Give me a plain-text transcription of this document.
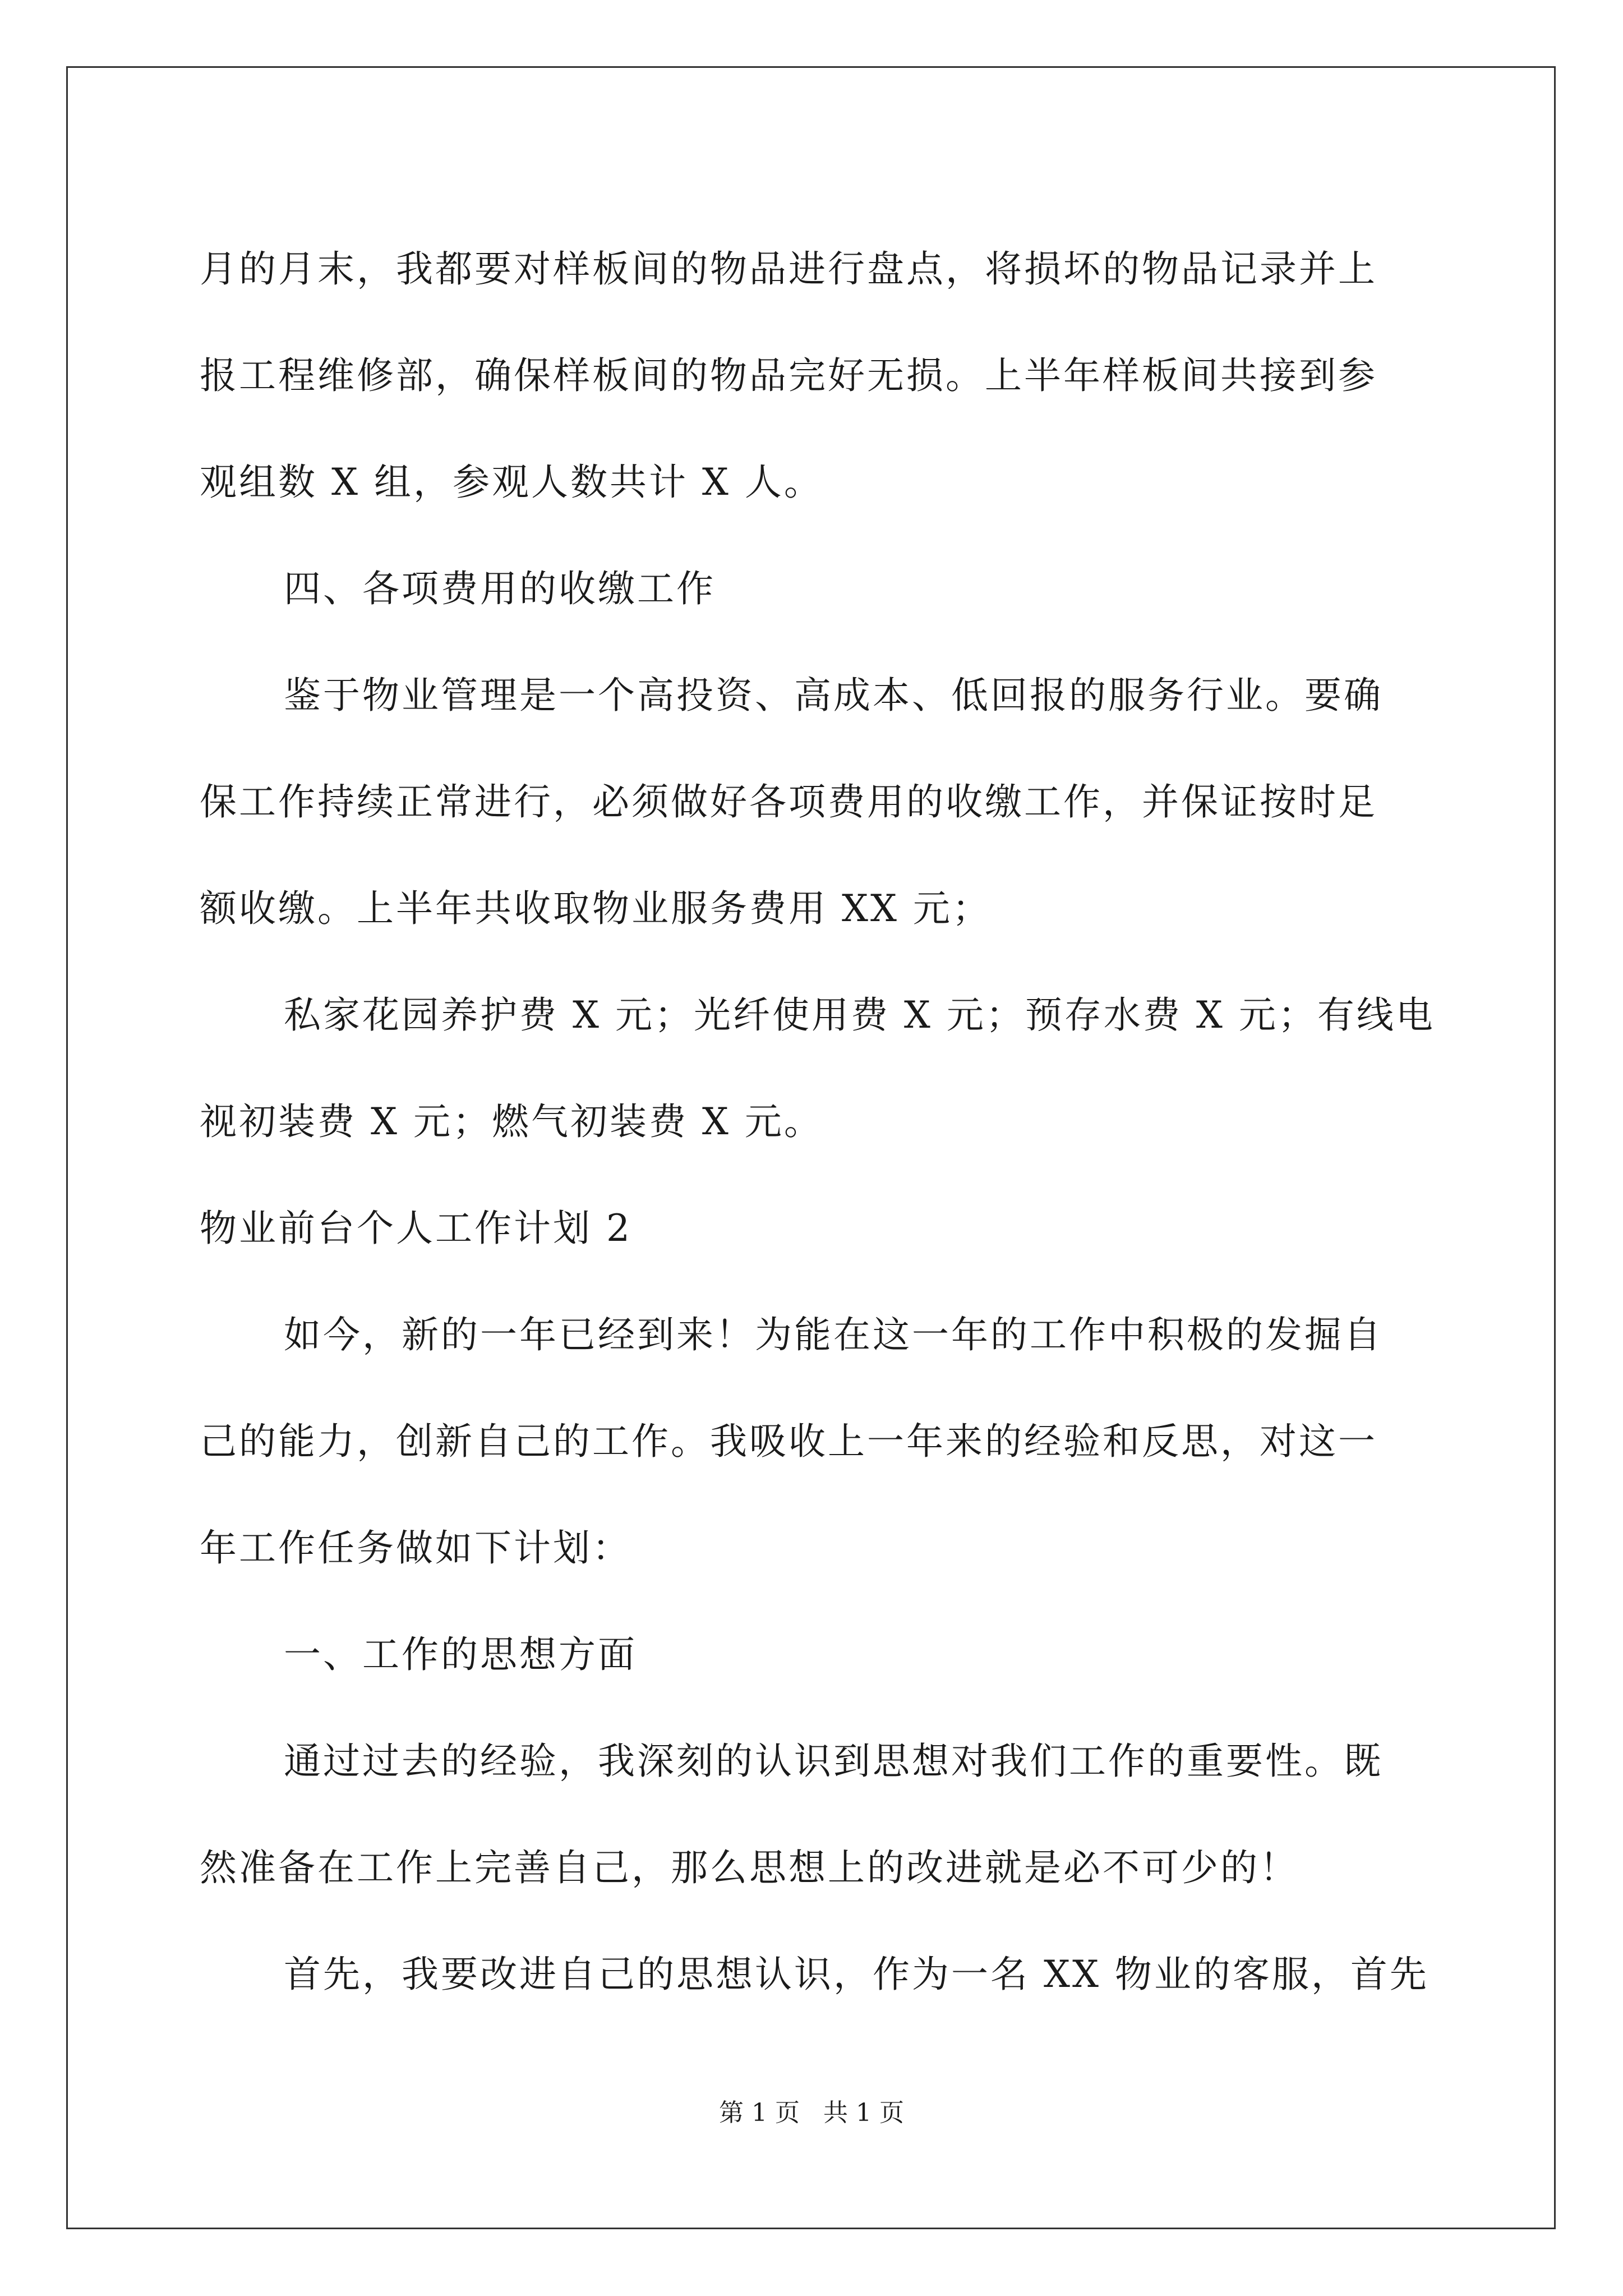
月的月末，我都要对样板间的物品进行盘点，将损坏的物品记录并上
报工程维修部，确保样板间的物品完好无损。上半年样板间共接到参
观组数 X 组，参观人数共计 X 人。
四、各项费用的收缴工作
鉴于物业管理是一个高投资、高成本、低回报的服务行业。要确
保工作持续正常进行，必须做好各项费用的收缴工作，并保证按时足
额收缴。上半年共收取物业服务费用 XX 元；
私家花园养护费 X 元；光纤使用费 X 元；预存水费 X 元；有线电
视初装费 X 元；燃气初装费 X 元。
物业前台个人工作计划 2
如今，新的一年已经到来！为能在这一年的工作中积极的发掘自
己的能力，创新自己的工作。我吸收上一年来的经验和反思，对这一
年工作任务做如下计划：
一、工作的思想方面
通过过去的经验，我深刻的认识到思想对我们工作的重要性。既
然准备在工作上完善自己，那么思想上的改进就是必不可少的！
首先，我要改进自己的思想认识，作为一名 XX 物业的客服，首先
第 1 页   共 1 页
